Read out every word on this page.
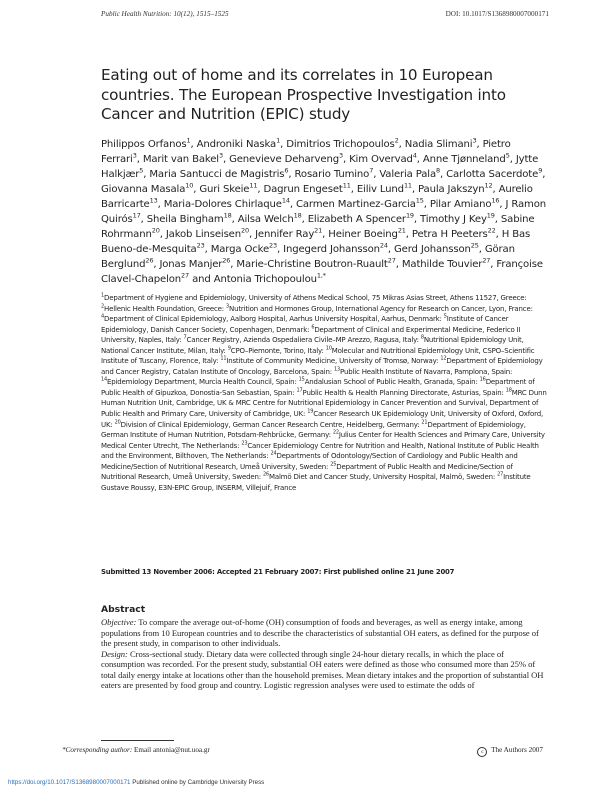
Public Health Nutrition: 10(12), 1515–1525	DOI: 10.1017/S1368980007000171
Eating out of home and its correlates in 10 European countries. The European Prospective Investigation into Cancer and Nutrition (EPIC) study

Philippos Orfanos$^1$, Androniki Naska$^1$, Dimitrios Trichopoulos$^2$, Nadia Slimani$^3$, Pietro Ferrari$^3$, Marit van Bakel$^3$, Genevieve Deharveng$^3$, Kim Overvad$^4$, Anne Tjønneland$^5$, Jytte Halkjær$^5$, Maria Santucci de Magistris$^6$, Rosario Tumino$^7$, Valeria Pala$^8$, Carlotta Sacerdote$^9$, Giovanna Masala$^{10}$, Guri Skeie$^{11}$, Dagrun Engeset$^{11}$, Eiliv Lund$^{11}$, Paula Jakszyn$^{12}$, Aurelio Barricarte$^{13}$, Maria-Dolores Chirlaque$^{14}$, Carmen Martinez-Garcia$^{15}$, Pilar Amiano$^{16}$, J Ramon Quirós$^{17}$, Sheila Bingham$^{18}$, Ailsa Welch$^{18}$, Elizabeth A Spencer$^{19}$, Timothy J Key$^{19}$, Sabine Rohrmann$^{20}$, Jakob Linseisen$^{20}$, Jennifer Ray$^{21}$, Heiner Boeing$^{21}$, Petra H Peeters$^{22}$, H Bas Bueno-de-Mesquita$^{23}$, Marga Ocke$^{23}$, Ingegerd Johansson$^{24}$, Gerd Johansson$^{25}$, Göran Berglund$^{26}$, Jonas Manjer$^{26}$, Marie-Christine Boutron-Ruault$^{27}$, Mathilde Touvier$^{27}$, Françoise Clavel-Chapelon$^{27}$ and Antonia Trichopoulou$^{1,*}$

$^1$Department of Hygiene and Epidemiology, University of Athens Medical School, 75 Mikras Asias Street, Athens 11527, Greece: $^2$Hellenic Health Foundation, Greece: $^3$Nutrition and Hormones Group, International Agency for Research on Cancer, Lyon, France: $^4$Department of Clinical Epidemiology, Aalborg Hospital, Aarhus University Hospital, Aarhus, Denmark: $^5$Institute of Cancer Epidemiology, Danish Cancer Society, Copenhagen, Denmark: $^6$Department of Clinical and Experimental Medicine, Federico II University, Naples, Italy: $^7$Cancer Registry, Azienda Ospedaliera Civile–MP Arezzo, Ragusa, Italy: $^8$Nutritional Epidemiology Unit, National Cancer Institute, Milan, Italy: $^9$CPO–Piemonte, Torino, Italy: $^{10}$Molecular and Nutritional Epidemiology Unit, CSPO–Scientific Institute of Tuscany, Florence, Italy: $^{11}$Institute of Community Medicine, University of Tromsø, Norway: $^{12}$Department of Epidemiology and Cancer Registry, Catalan Institute of Oncology, Barcelona, Spain: $^{13}$Public Health Institute of Navarra, Pamplona, Spain: $^{14}$Epidemiology Department, Murcia Health Council, Spain: $^{15}$Andalusian School of Public Health, Granada, Spain: $^{16}$Department of Public Health of Gipuzkoa, Donostia-San Sebastian, Spain: $^{17}$Public Health & Health Planning Directorate, Asturias, Spain: $^{18}$MRC Dunn Human Nutrition Unit, Cambridge, UK & MRC Centre for Nutritional Epidemiology in Cancer Prevention and Survival, Department of Public Health and Primary Care, University of Cambridge, UK: $^{19}$Cancer Research UK Epidemiology Unit, University of Oxford, Oxford, UK: $^{20}$Division of Clinical Epidemiology, German Cancer Research Centre, Heidelberg, Germany: $^{21}$Department of Epidemiology, German Institute of Human Nutrition, Potsdam-Rehbrücke, Germany: $^{22}$Julius Center for Health Sciences and Primary Care, University Medical Center Utrecht, The Netherlands: $^{23}$Cancer Epidemiology Centre for Nutrition and Health, National Institute of Public Health and the Environment, Bilthoven, The Netherlands: $^{24}$Departments of Odontology/Section of Cardiology and Public Health and Medicine/Section of Nutritional Research, Umeå University, Sweden: $^{25}$Department of Public Health and Medicine/Section of Nutritional Research, Umeå University, Sweden: $^{26}$Malmö Diet and Cancer Study, University Hospital, Malmö, Sweden: $^{27}$Institute Gustave Roussy, E3N-EPIC Group, INSERM, Villejuif, France

Submitted 13 November 2006: Accepted 21 February 2007: First published online 21 June 2007
Abstract

Objective: To compare the average out-of-home (OH) consumption of foods and beverages, as well as energy intake, among populations from 10 European countries and to describe the characteristics of substantial OH eaters, as defined for the purpose of the present study, in comparison to other individuals.
Design: Cross-sectional study. Dietary data were collected through single 24-hour dietary recalls, in which the place of consumption was recorded. For the present study, substantial OH eaters were defined as those who consumed more than 25% of total daily energy intake at locations other than the household premises. Mean dietary intakes and the proportion of substantial OH eaters are presented by food group and country. Logistic regression analyses were used to estimate the odds of

*Corresponding author: Email antonia@nut.uoa.gr	c The Authors 2007
https://doi.org/10.1017/S1368980007000171 Published online by Cambridge University Press
